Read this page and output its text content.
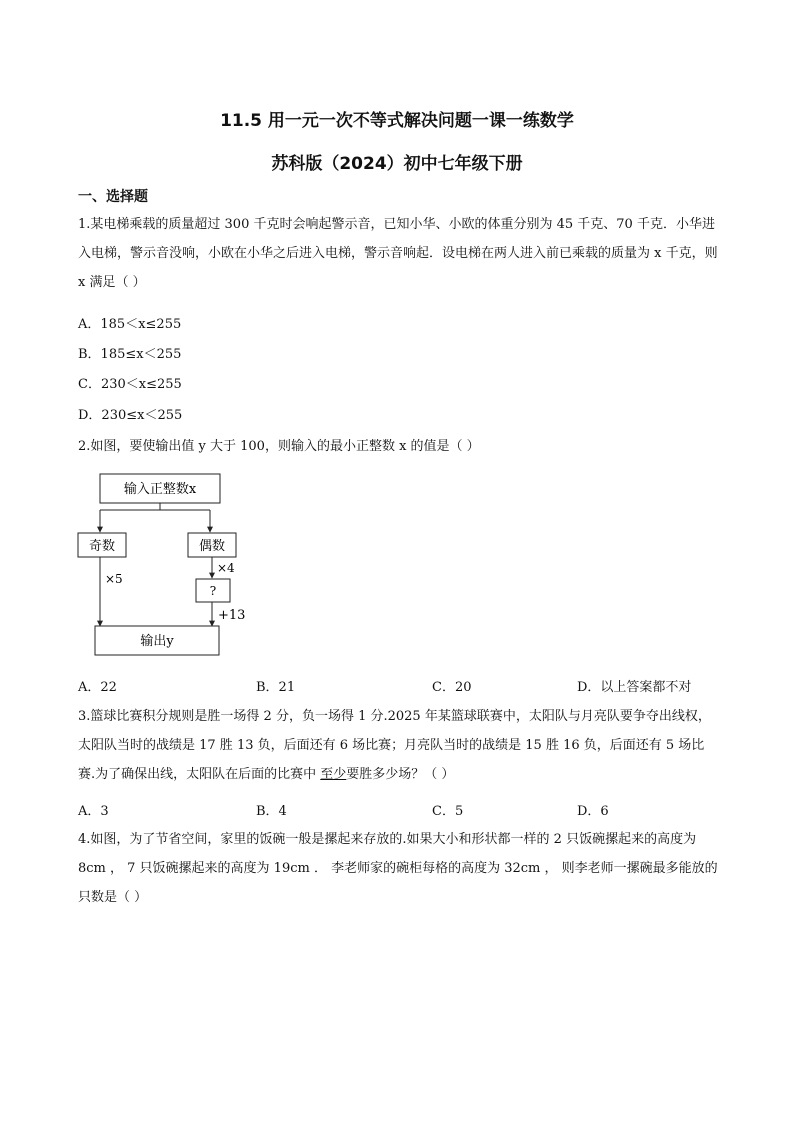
11.5 用一元一次不等式解决问题一课一练数学
苏科版（2024）初中七年级下册
一、选择题
1.某电梯乘载的质量超过 300 千克时会响起警示音，已知小华、小欧的体重分别为 45 千克、70 千克．小华进入电梯，警示音没响，小欧在小华之后进入电梯，警示音响起．设电梯在两人进入前已乘载的质量为 x 千克，则 x 满足（ ）
A．185＜x≤255
B．185≤x＜255
C．230＜x≤255
D．230≤x＜255
2.如图，要使输出值 y 大于 100，则输入的最小正整数 x 的值是（ ）
输入正整数x
奇数	偶数
×5
×4
?
+13
输出y
A．22	B．21	C．20	D．以上答案都不对
3.篮球比赛积分规则是胜一场得 2 分，负一场得 1 分.2025 年某篮球联赛中，太阳队与月亮队要争夺出线权，太阳队当时的战绩是 17 胜 13 负，后面还有 6 场比赛；月亮队当时的战绩是 15 胜 16 负，后面还有 5 场比赛.为了确保出线，太阳队在后面的比赛中 至少要胜多少场？（ ）
A．3	B．4	C．5	D．6
4.如图，为了节省空间，家里的饭碗一般是摞起来存放的.如果大小和形状都一样的 2 只饭碗摞起来的高度为 8cm ， 7 只饭碗摞起来的高度为 19cm ． 李老师家的碗柜每格的高度为 32cm ， 则李老师一摞碗最多能放的只数是（ ）
